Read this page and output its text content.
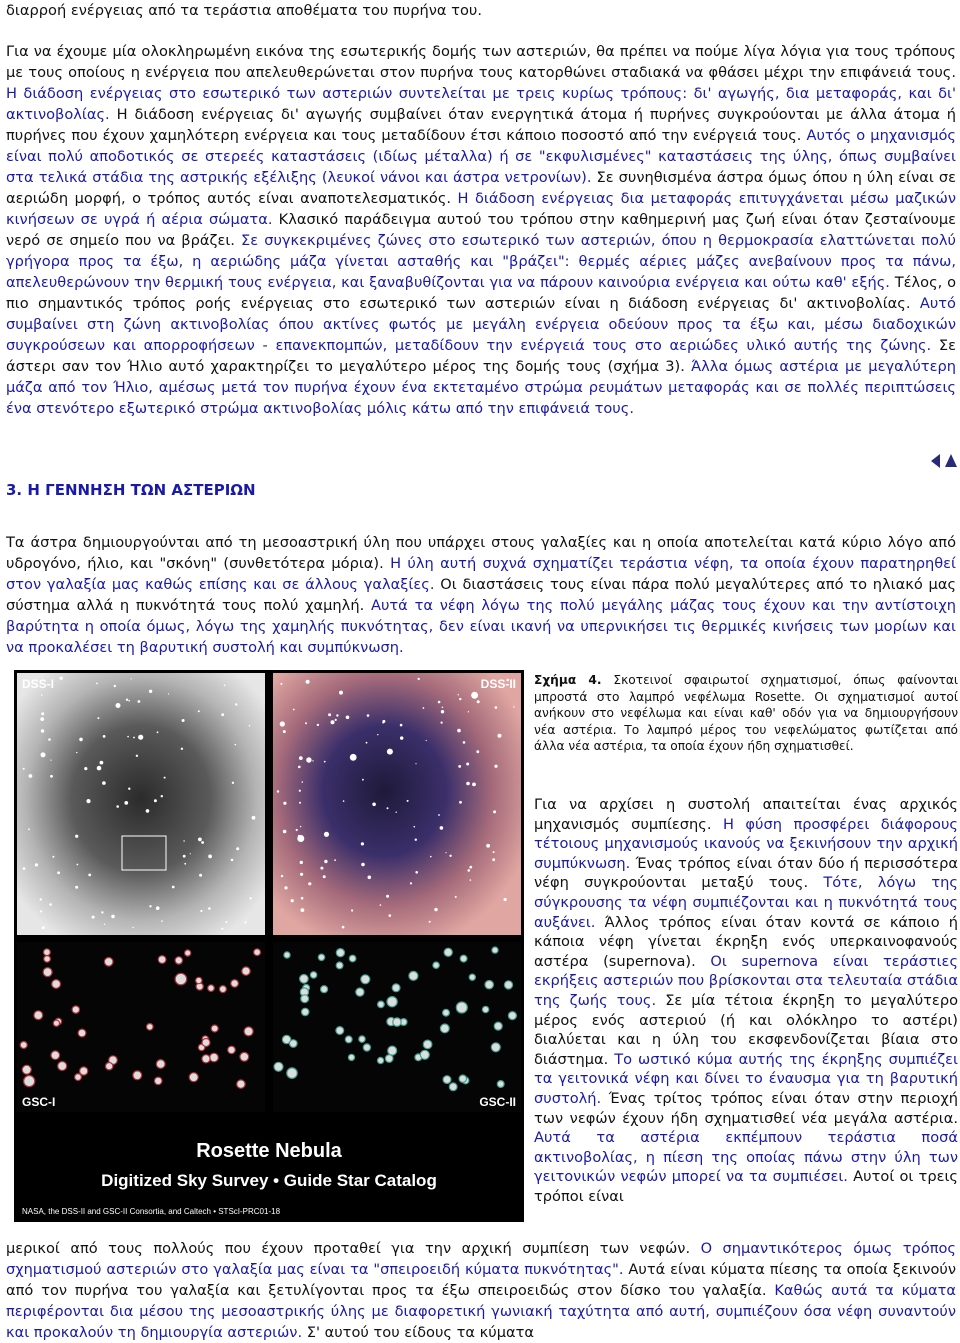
διαρροή ενέργειας από τα τεράστια αποθέματα του πυρήνα του.

Για να έχουμε μία ολοκληρωμένη εικόνα της εσωτερικής δομής των αστεριών, θα πρέπει να πούμε λίγα λόγια για τους τρόπους με τους οποίους η ενέργεια που απελευθερώνεται στον πυρήνα τους κατορθώνει σταδιακά να φθάσει μέχρι την επιφάνειά τους. Η διάδοση ενέργειας στο εσωτερικό των αστεριών συντελείται με τρεις κυρίως τρόπους: δι' αγωγής, δια μεταφοράς, και δι' ακτινοβολίας. Η διάδοση ενέργειας δι' αγωγής συμβαίνει όταν ενεργητικά άτομα ή πυρήνες συγκρούονται με άλλα άτομα ή πυρήνες που έχουν χαμηλότερη ενέργεια και τους μεταδίδουν έτσι κάποιο ποσοστό από την ενέργειά τους. Αυτός ο μηχανισμός είναι πολύ αποδοτικός σε στερεές καταστάσεις (ιδίως μέταλλα) ή σε "εκφυλισμένες" καταστάσεις της ύλης, όπως συμβαίνει στα τελικά στάδια της αστρικής εξέλιξης (λευκοί νάνοι και άστρα νετρονίων). Σε συνηθισμένα άστρα όμως όπου η ύλη είναι σε αεριώδη μορφή, ο τρόπος αυτός είναι αναποτελεσματικός. Η διάδοση ενέργειας δια μεταφοράς επιτυγχάνεται μέσω μαζικών κινήσεων σε υγρά ή αέρια σώματα. Κλασικό παράδειγμα αυτού του τρόπου στην καθημερινή μας ζωή είναι όταν ζεσταίνουμε νερό σε σημείο που να βράζει. Σε συγκεκριμένες ζώνες στο εσωτερικό των αστεριών, όπου η θερμοκρασία ελαττώνεται πολύ γρήγορα προς τα έξω, η αεριώδης μάζα γίνεται ασταθής και "βράζει": θερμές αέριες μάζες ανεβαίνουν προς τα πάνω, απελευθερώνουν την θερμική τους ενέργεια, και ξαναβυθίζονται για να πάρουν καινούρια ενέργεια και ούτω καθ' εξής. Τέλος, ο πιο σημαντικός τρόπος ροής ενέργειας στο εσωτερικό των αστεριών είναι η διάδοση ενέργειας δι' ακτινοβολίας. Αυτό συμβαίνει στη ζώνη ακτινοβολίας όπου ακτίνες φωτός με μεγάλη ενέργεια οδεύουν προς τα έξω και, μέσω διαδοχικών συγκρούσεων και απορροφήσεων - επανεκπομπών, μεταδίδουν την ενέργειά τους στο αεριώδες υλικό αυτής της ζώνης. Σε άστερι σαν τον Ήλιο αυτό χαρακτηρίζει το μεγαλύτερο μέρος της δομής τους (σχήμα 3). Άλλα όμως αστέρια με μεγαλύτερη μάζα από τον Ήλιο, αμέσως μετά τον πυρήνα έχουν ένα εκτεταμένο στρώμα ρευμάτων μεταφοράς και σε πολλές περιπτώσεις ένα στενότερο εξωτερικό στρώμα ακτινοβολίας μόλις κάτω από την επιφάνειά τους.

3. Η ΓΕΝΝΗΣΗ ΤΩΝ ΑΣΤΕΡΙΩΝ

Τα άστρα δημιουργούνται από τη μεσοαστρική ύλη που υπάρχει στους γαλαξίες και η οποία αποτελείται κατά κύριο λόγο από υδρογόνο, ήλιο, και "σκόνη" (συνθετότερα μόρια). Η ύλη αυτή συχνά σχηματίζει τεράστια νέφη, τα οποία έχουν παρατηρηθεί στον γαλαξία μας καθώς επίσης και σε άλλους γαλαξίες. Οι διαστάσεις τους είναι πάρα πολύ μεγαλύτερες από το ηλιακό μας σύστημα αλλά η πυκνότητά τους πολύ χαμηλή. Αυτά τα νέφη λόγω της πολύ μεγάλης μάζας τους έχουν και την αντίστοιχη βαρύτητα η οποία όμως, λόγω της χαμηλής πυκνότητας, δεν είναι ικανή να υπερνικήσει τις θερμικές κινήσεις των μορίων και να προκαλέσει τη βαρυτική συστολή και συμπύκνωση.

DSS-I	DSS-II
GSC-I	GSC-II
Rosette Nebula
Digitized Sky Survey • Guide Star Catalog
NASA, the DSS-II and GSC-II Consortia, and Caltech • STScI-PRC01-18

Σχήμα 4. Σκοτεινοί σφαιρωτοί σχηματισμοί, όπως φαίνονται μπροστά στο λαμπρό νεφέλωμα Rosette. Οι σχηματισμοί αυτοί ανήκουν στο νεφέλωμα και είναι καθ' οδόν για να δημιουργήσουν νέα αστέρια. Το λαμπρό μέρος του νεφελώματος φωτίζεται από άλλα νέα αστέρια, τα οποία έχουν ήδη σχηματισθεί.

Για να αρχίσει η συστολή απαιτείται ένας αρχικός μηχανισμός συμπίεσης. Η φύση προσφέρει διάφορους τέτοιους μηχανισμούς ικανούς να ξεκινήσουν την αρχική συμπύκνωση. Ένας τρόπος είναι όταν δύο ή περισσότερα νέφη συγκρούονται μεταξύ τους. Τότε, λόγω της σύγκρουσης τα νέφη συμπιέζονται και η πυκνότητά τους αυξάνει. Άλλος τρόπος είναι όταν κοντά σε κάποιο ή κάποια νέφη γίνεται έκρηξη ενός υπερκαινοφανούς αστέρα (supernova). Οι supernova είναι τεράστιες εκρήξεις αστεριών που βρίσκονται στα τελευταία στάδια της ζωής τους. Σε μία τέτοια έκρηξη το μεγαλύτερο μέρος ενός αστεριού (ή και ολόκληρο το αστέρι) διαλύεται και η ύλη του εκσφενδονίζεται βίαια στο διάστημα. Το ωστικό κύμα αυτής της έκρηξης συμπιέζει τα γειτονικά νέφη και δίνει το έναυσμα για τη βαρυτική συστολή. Ένας τρίτος τρόπος είναι όταν στην περιοχή των νεφών έχουν ήδη σχηματισθεί νέα μεγάλα αστέρια. Αυτά τα αστέρια εκπέμπουν τεράστια ποσά ακτινοβολίας, η πίεση της οποίας πάνω στην ύλη των γειτονικών νεφών μπορεί να τα συμπιέσει. Αυτοί οι τρεις τρόποι είναι

μερικοί από τους πολλούς που έχουν προταθεί για την αρχική συμπίεση των νεφών. Ο σημαντικότερος όμως τρόπος σχηματισμού αστεριών στο γαλαξία μας είναι τα "σπειροειδή κύματα πυκνότητας". Αυτά είναι κύματα πίεσης τα οποία ξεκινούν από τον πυρήνα του γαλαξία και ξετυλίγονται προς τα έξω σπειροειδώς στον δίσκο του γαλαξία. Καθώς αυτά τα κύματα περιφέρονται δια μέσου της μεσοαστρικής ύλης με διαφορετική γωνιακή ταχύτητα από αυτή, συμπιέζουν όσα νέφη συναντούν και προκαλούν τη δημιουργία αστεριών. Σ' αυτού του είδους τα κύματα
